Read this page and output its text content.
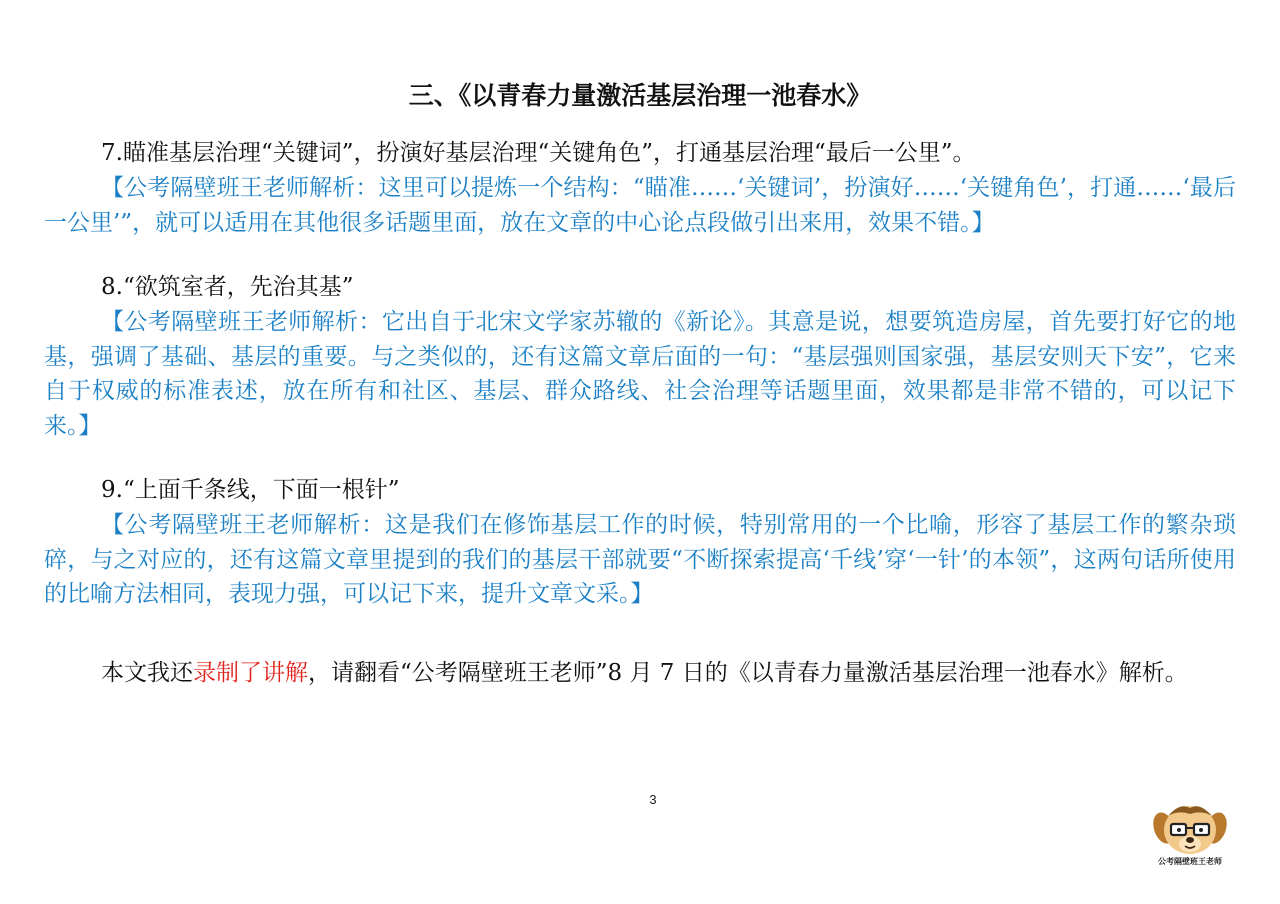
三、《以青春力量激活基层治理一池春水》

7.瞄准基层治理“关键词”，扮演好基层治理“关键角色”，打通基层治理“最后一公里”。

【公考隔壁班王老师解析：这里可以提炼一个结构：“瞄准……‘关键词’，扮演好……‘关键角色’，打通……‘最后一公里’”，就可以适用在其他很多话题里面，放在文章的中心论点段做引出来用，效果不错。】

8.“欲筑室者，先治其基”

【公考隔壁班王老师解析：它出自于北宋文学家苏辙的《新论》。其意是说，想要筑造房屋，首先要打好它的地基，强调了基础、基层的重要。与之类似的，还有这篇文章后面的一句：“基层强则国家强，基层安则天下安”，它来自于权威的标准表述，放在所有和社区、基层、群众路线、社会治理等话题里面，效果都是非常不错的，可以记下来。】

9.“上面千条线，下面一根针”

【公考隔壁班王老师解析：这是我们在修饰基层工作的时候，特别常用的一个比喻，形容了基层工作的繁杂琐碎，与之对应的，还有这篇文章里提到的我们的基层干部就要“不断探索提高‘千线’穿‘一针’的本领”，这两句话所使用的比喻方法相同，表现力强，可以记下来，提升文章文采。】

本文我还录制了讲解，请翻看“公考隔壁班王老师”8 月 7 日的《以青春力量激活基层治理一池春水》解析。

3
公考隔壁班王老师
